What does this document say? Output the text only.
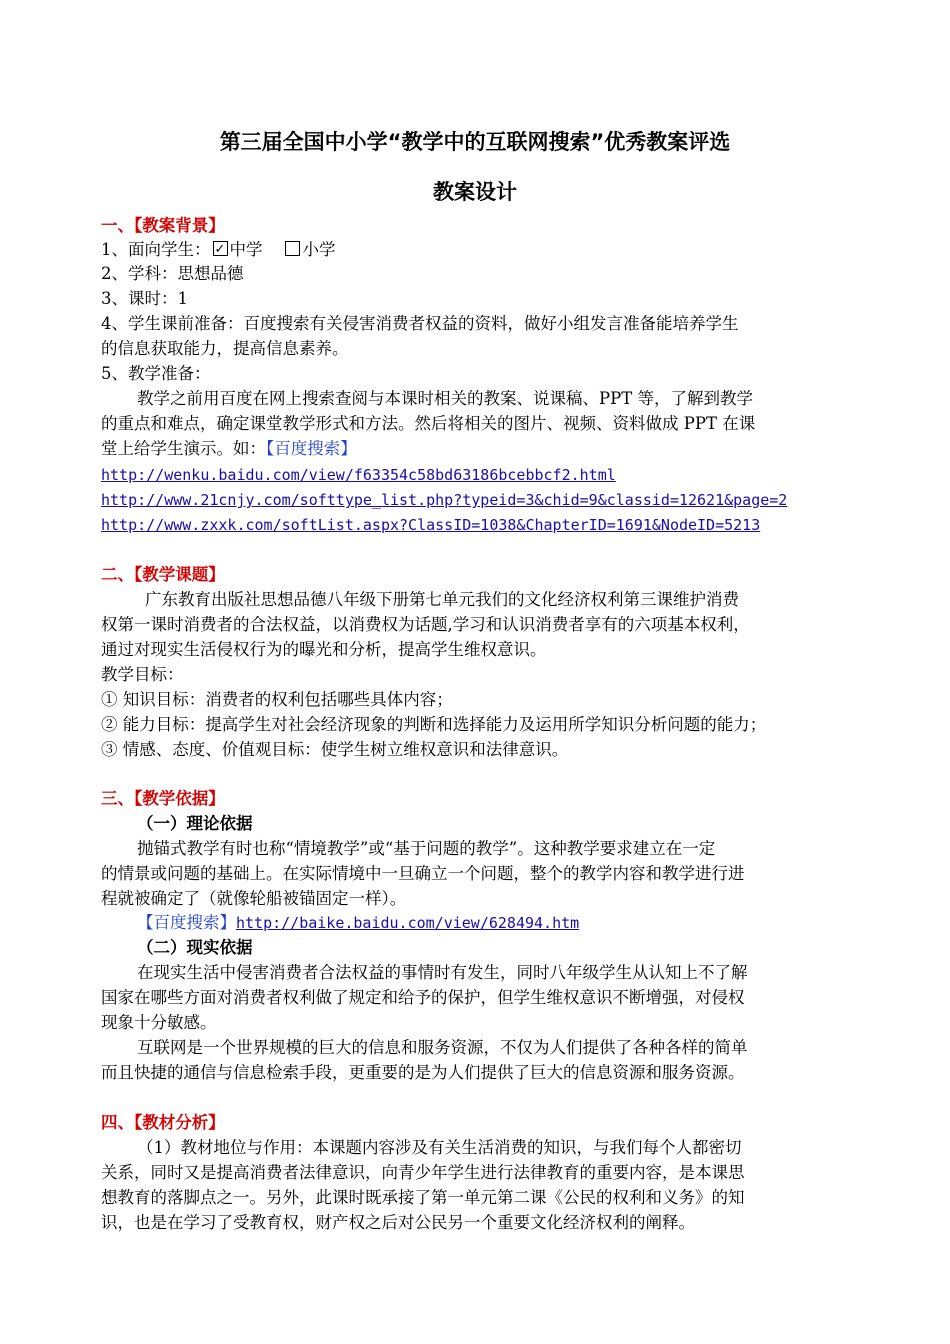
第三届全国中小学“教学中的互联网搜索”优秀教案评选
教案设计
一、【教案背景】
1、面向学生：✓ 中学 小学
2、学科：思想品德
3、课时：1
4、学生课前准备：百度搜索有关侵害消费者权益的资料，做好小组发言准备能培养学生
的信息获取能力，提高信息素养。
5、教学准备：
教学之前用百度在网上搜索查阅与本课时相关的教案、说课稿、PPT 等，了解到教学
的重点和难点，确定课堂教学形式和方法。然后将相关的图片、视频、资料做成 PPT 在课
堂上给学生演示。如：【百度搜索】
http://wenku.baidu.com/view/f63354c58bd63186bcebbcf2.html
http://www.21cnjy.com/softtype_list.php?typeid=3&chid=9&classid=12621&page=2
http://www.zxxk.com/softList.aspx?ClassID=1038&ChapterID=1691&NodeID=5213
二、【教学课题】
广东教育出版社思想品德八年级下册第七单元我们的文化经济权利第三课维护消费
权第一课时消费者的合法权益，以消费权为话题,学习和认识消费者享有的六项基本权利，
通过对现实生活侵权行为的曝光和分析，提高学生维权意识。
教学目标：
① 知识目标：消费者的权利包括哪些具体内容；
② 能力目标：提高学生对社会经济现象的判断和选择能力及运用所学知识分析问题的能力；
③ 情感、态度、价值观目标：使学生树立维权意识和法律意识。
三、【教学依据】
（一）理论依据
抛锚式教学有时也称“情境教学”或“基于问题的教学”。这种教学要求建立在一定
的情景或问题的基础上。在实际情境中一旦确立一个问题，整个的教学内容和教学进行进
程就被确定了（就像轮船被锚固定一样）。
【百度搜索】http://baike.baidu.com/view/628494.htm
（二）现实依据
在现实生活中侵害消费者合法权益的事情时有发生，同时八年级学生从认知上不了解
国家在哪些方面对消费者权利做了规定和给予的保护，但学生维权意识不断增强，对侵权
现象十分敏感。
互联网是一个世界规模的巨大的信息和服务资源，不仅为人们提供了各种各样的简单
而且快捷的通信与信息检索手段，更重要的是为人们提供了巨大的信息资源和服务资源。
四、【教材分析】
（1）教材地位与作用：本课题内容涉及有关生活消费的知识，与我们每个人都密切
关系，同时又是提高消费者法律意识，向青少年学生进行法律教育的重要内容，是本课思
想教育的落脚点之一。另外，此课时既承接了第一单元第二课《公民的权利和义务》的知
识，也是在学习了受教育权，财产权之后对公民另一个重要文化经济权利的阐释。
